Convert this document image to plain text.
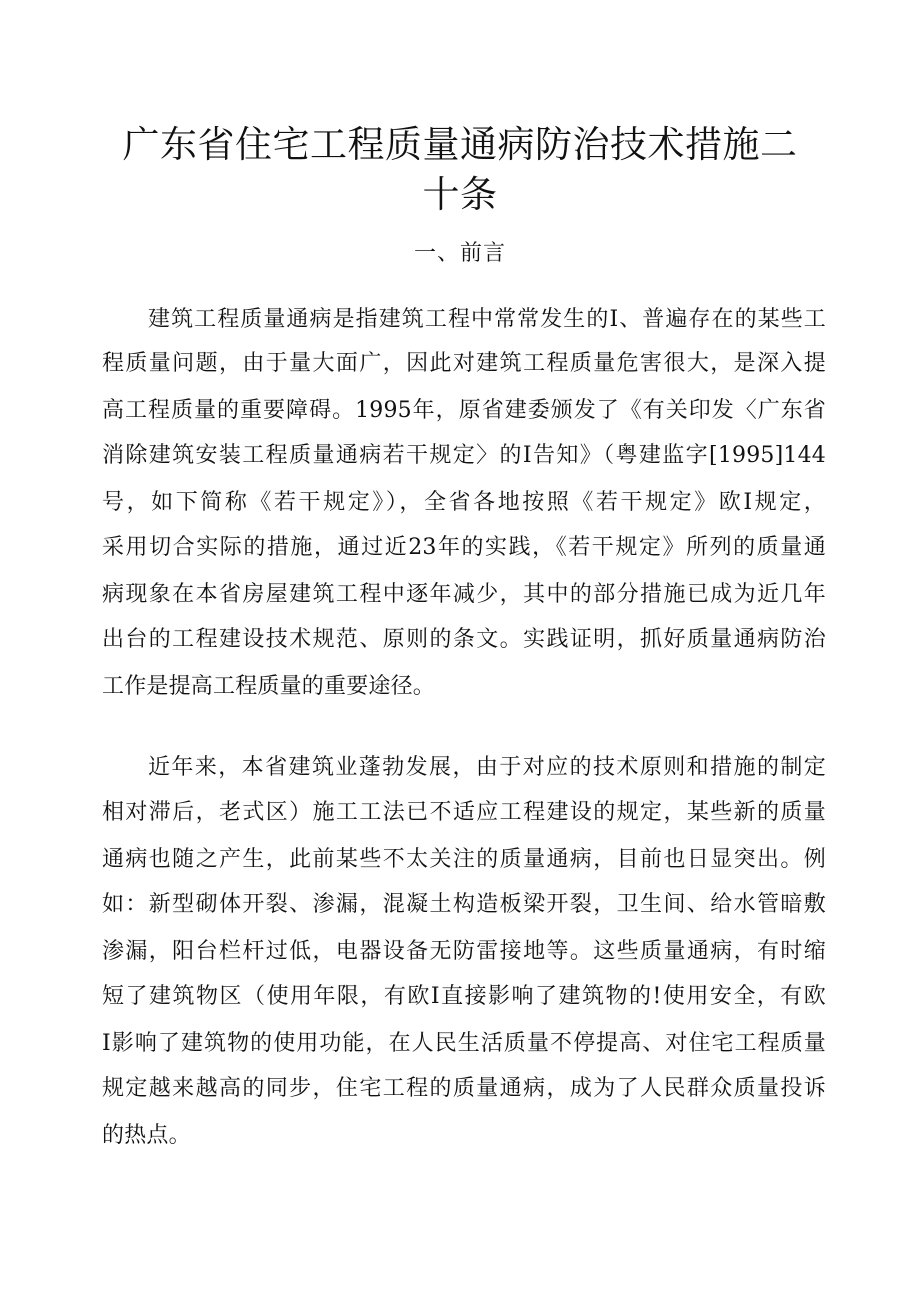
广东省住宅工程质量通病防治技术措施二
十条
一、前言

建筑工程质量通病是指建筑工程中常常发生的I、普遍存在的某些工

程质量问题，由于量大面广，因此对建筑工程质量危害很大，是深入提

高工程质量的重要障碍。1995年，原省建委颁发了《有关印发〈广东省

消除建筑安装工程质量通病若干规定〉的I告知》（粤建监字[1995]144

号，如下简称《若干规定》），全省各地按照《若干规定》欧I规定，

采用切合实际的措施，通过近23年的实践，《若干规定》所列的质量通

病现象在本省房屋建筑工程中逐年减少，其中的部分措施已成为近几年

出台的工程建设技术规范、原则的条文。实践证明，抓好质量通病防治

工作是提高工程质量的重要途径。

近年来，本省建筑业蓬勃发展，由于对应的技术原则和措施的制定

相对滞后，老式区）施工工法已不适应工程建设的规定，某些新的质量

通病也随之产生，此前某些不太关注的质量通病，目前也日显突出。例

如：新型砌体开裂、渗漏，混凝土构造板梁开裂，卫生间、给水管暗敷

渗漏，阳台栏杆过低，电器设备无防雷接地等。这些质量通病，有时缩

短了建筑物区（使用年限，有欧I直接影响了建筑物的!使用安全，有欧

I影响了建筑物的使用功能，在人民生活质量不停提高、对住宅工程质量

规定越来越高的同步，住宅工程的质量通病，成为了人民群众质量投诉

的热点。
